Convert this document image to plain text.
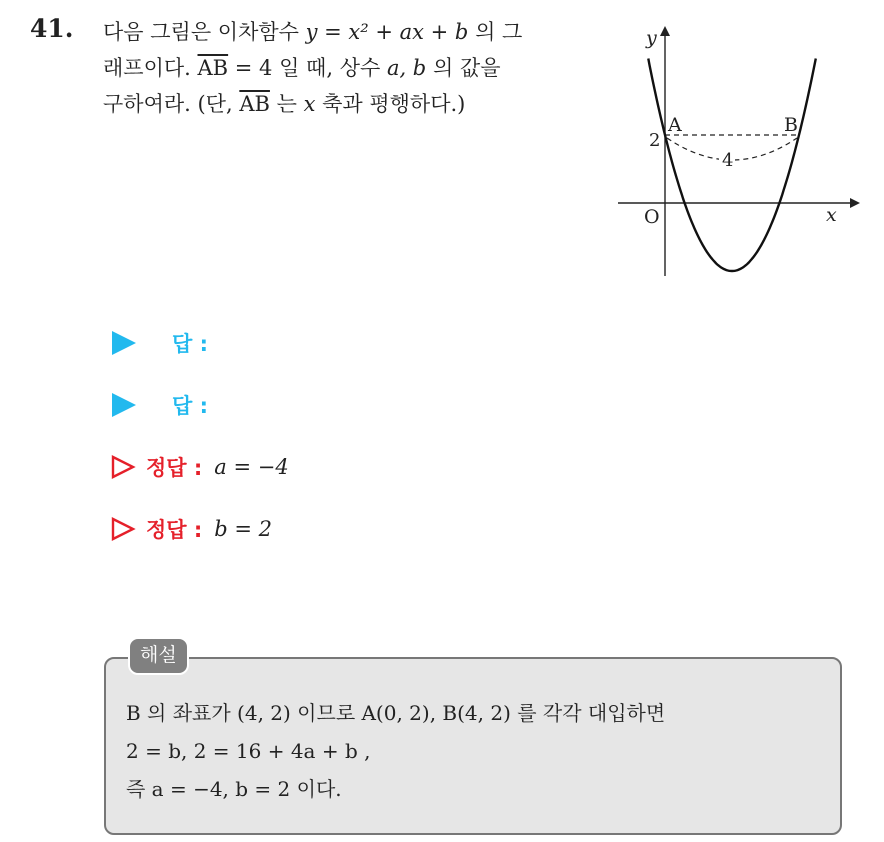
41. 다음 그림은 이차함수 y = x² + ax + b 의 그
래프이다. $\overline{AB} = 4$ 일 때, 상수 a, b 의 값을
구하여라. (단, $\overline{AB}$ 는 x 축과 평행하다.)
y
x
O
A	B
2
4
답 :
답 :
정답 : a = −4
정답 : b = 2
해설
B 의 좌표가 (4, 2) 이므로 A(0, 2), B(4, 2) 를 각각 대입하면
2 = b, 2 = 16 + 4a + b ,
즉 a = −4, b = 2 이다.
